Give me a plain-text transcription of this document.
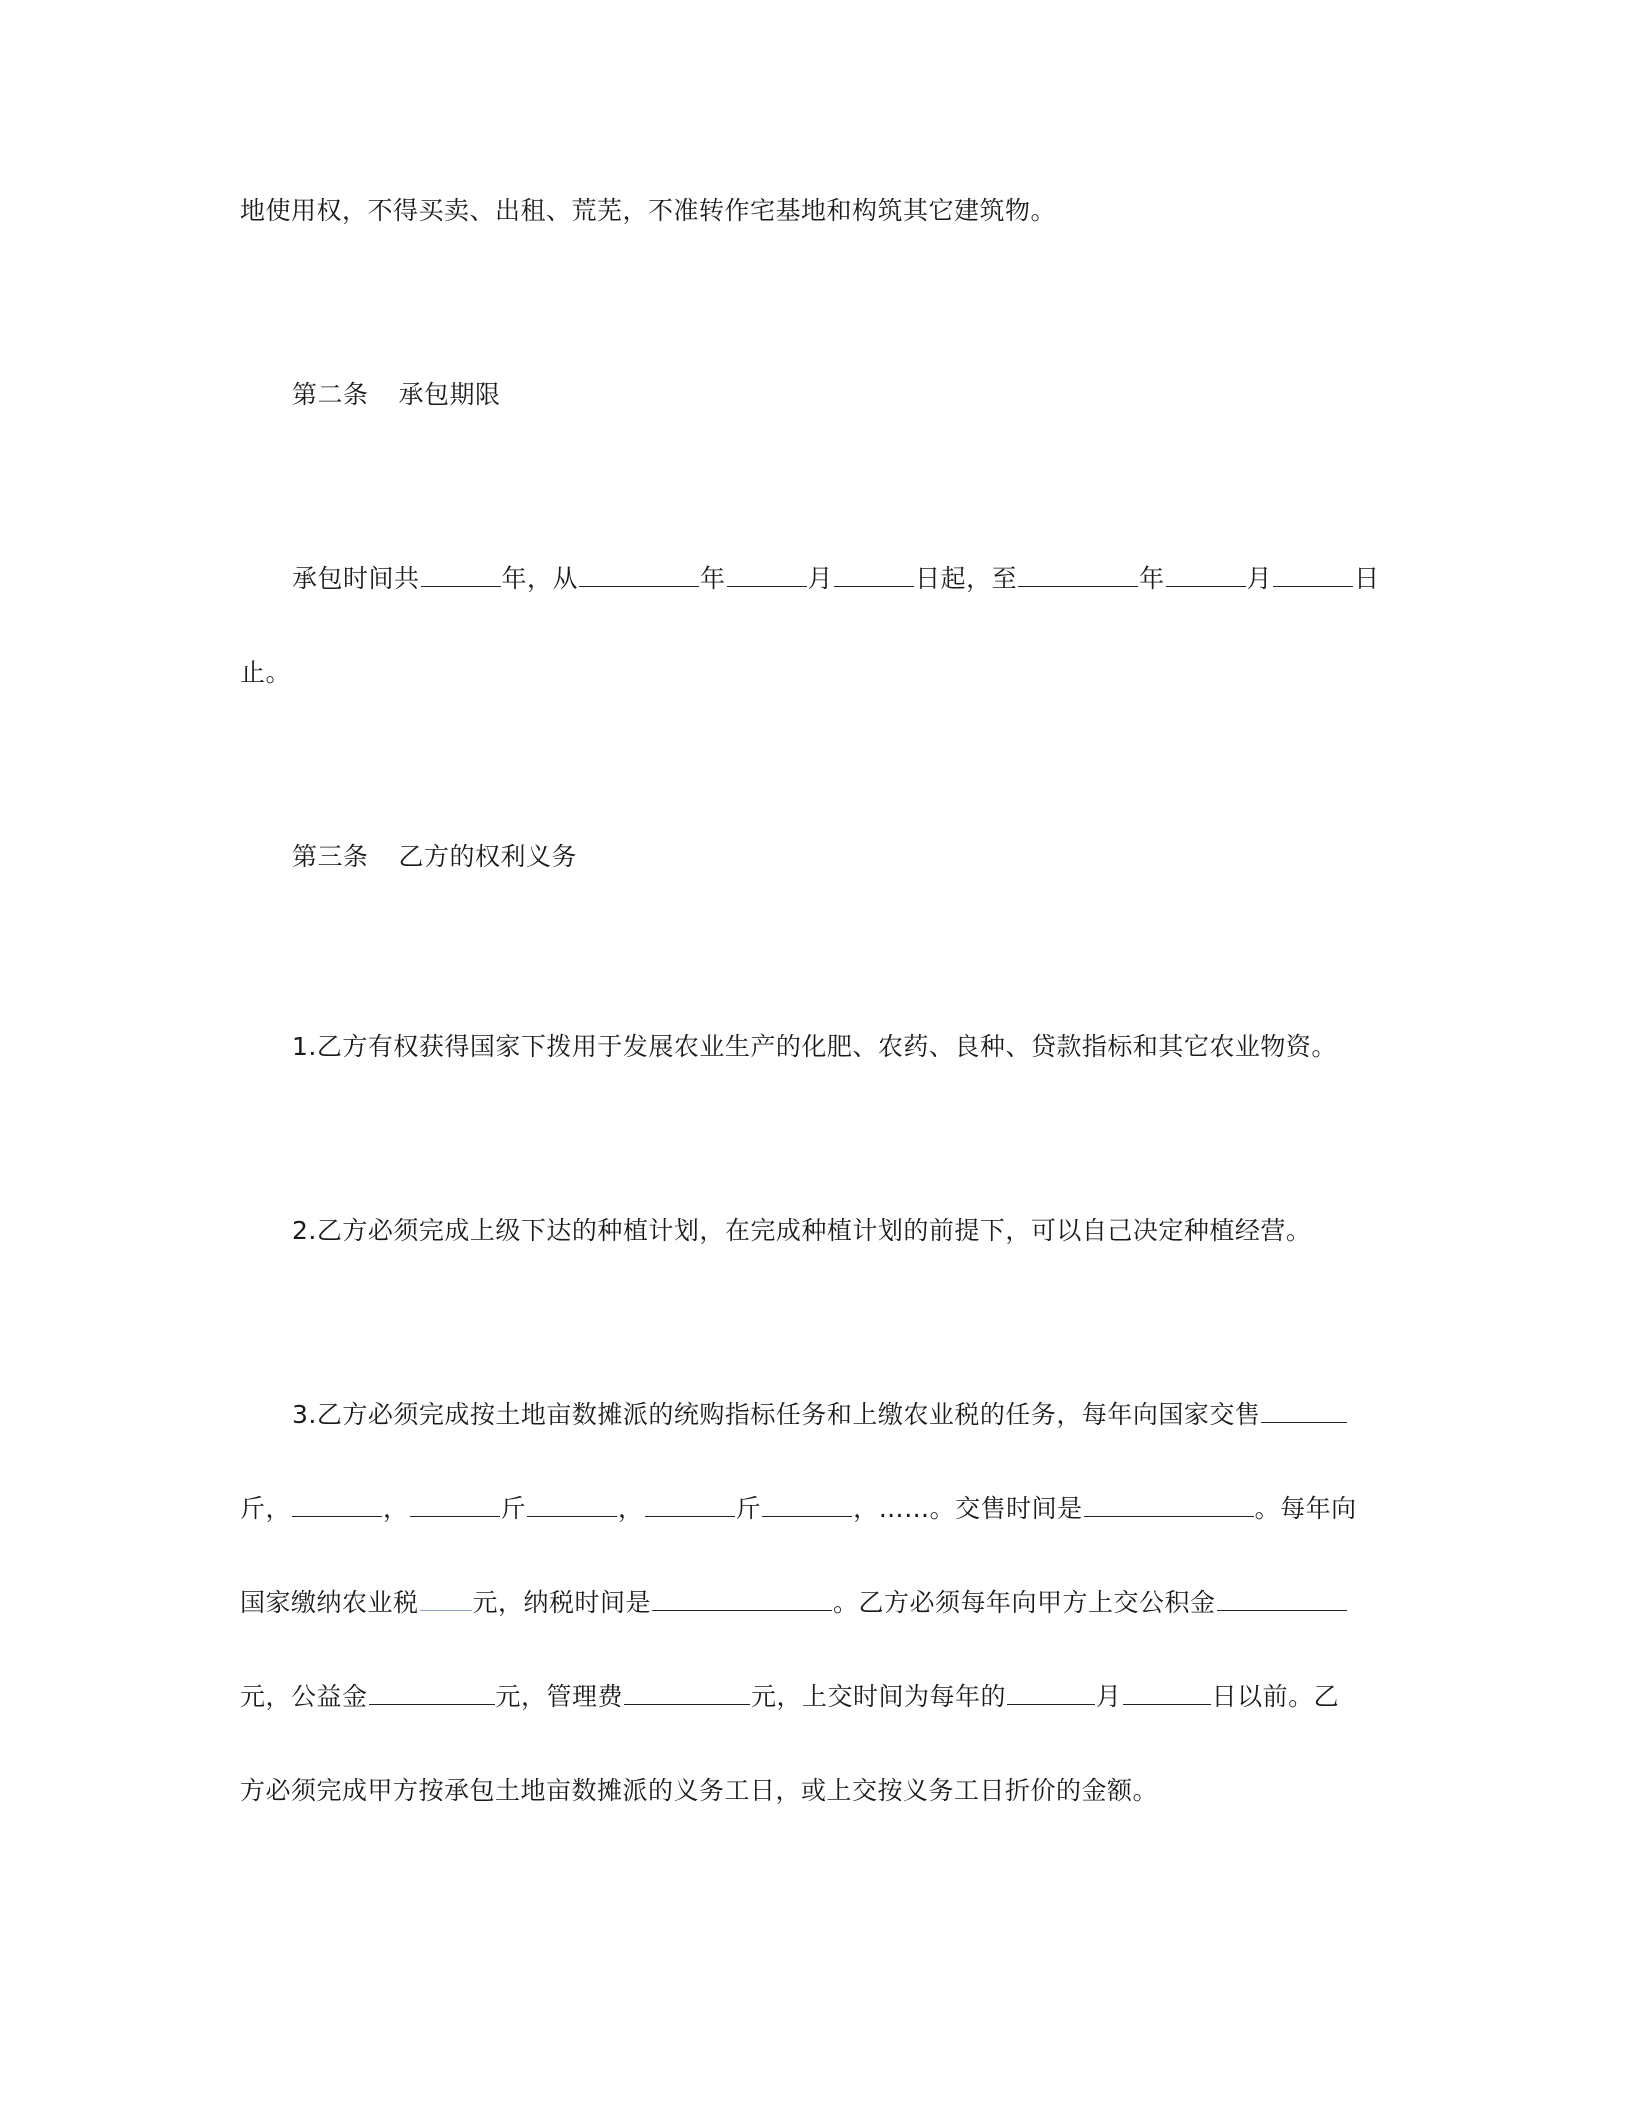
地使用权，不得买卖、出租、荒芜，不准转作宅基地和构筑其它建筑物。
第二条 承包期限
承包时间共	年，从	年	月	日起，至	年	月	日
止。
第三条 乙方的权利义务
1.乙方有权获得国家下拨用于发展农业生产的化肥、农药、良种、贷款指标和其它农业物资。
2.乙方必须完成上级下达的种植计划，在完成种植计划的前提下，可以自己决定种植经营。
3.乙方必须完成按土地亩数摊派的统购指标任务和上缴农业税的任务，每年向国家交售
斤，	，	斤	，	斤	，……。交售时间是	。每年向
国家缴纳农业税 元，纳税时间是	。乙方必须每年向甲方上交公积金
元，公益金	元，管理费	元，上交时间为每年的	月	日以前。乙
方必须完成甲方按承包土地亩数摊派的义务工日，或上交按义务工日折价的金额。
